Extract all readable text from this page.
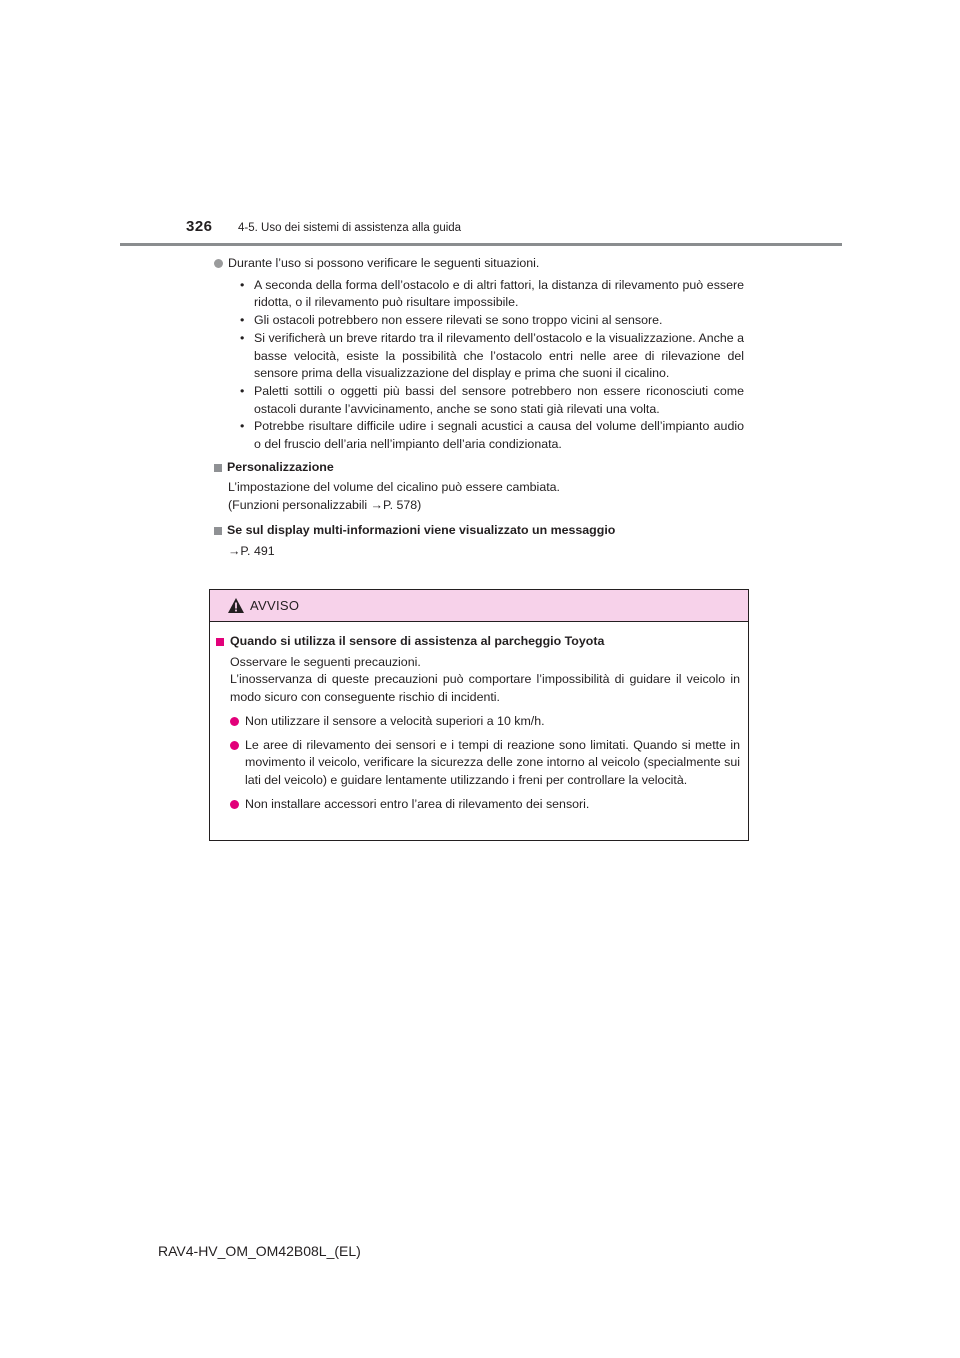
326 4-5. Uso dei sistemi di assistenza alla guida
Durante l’uso si possono verificare le seguenti situazioni.
• A seconda della forma dell’ostacolo e di altri fattori, la distanza di rilevamento può essere ridotta, o il rilevamento può risultare impossibile.
• Gli ostacoli potrebbero non essere rilevati se sono troppo vicini al sensore.
• Si verificherà un breve ritardo tra il rilevamento dell’ostacolo e la visualizzazione. Anche a basse velocità, esiste la possibilità che l’ostacolo entri nelle aree di rilevazione del sensore prima della visualizzazione del display e prima che suoni il cicalino.
• Paletti sottili o oggetti più bassi del sensore potrebbero non essere riconosciuti come ostacoli durante l’avvicinamento, anche se sono stati già rilevati una volta.
• Potrebbe risultare difficile udire i segnali acustici a causa del volume dell’impianto audio o del fruscio dell’aria nell’impianto dell’aria condizionata.
Personalizzazione
L’impostazione del volume del cicalino può essere cambiata.
(Funzioni personalizzabili →P. 578)
Se sul display multi-informazioni viene visualizzato un messaggio
→P. 491
AVVISO
Quando si utilizza il sensore di assistenza al parcheggio Toyota
Osservare le seguenti precauzioni.
L’inosservanza di queste precauzioni può comportare l’impossibilità di guidare il veicolo in modo sicuro con conseguente rischio di incidenti.
Non utilizzare il sensore a velocità superiori a 10 km/h.
Le aree di rilevamento dei sensori e i tempi di reazione sono limitati. Quando si mette in movimento il veicolo, verificare la sicurezza delle zone intorno al veicolo (specialmente sui lati del veicolo) e guidare lentamente utilizzando i freni per controllare la velocità.
Non installare accessori entro l’area di rilevamento dei sensori.
RAV4-HV_OM_OM42B08L_(EL)
